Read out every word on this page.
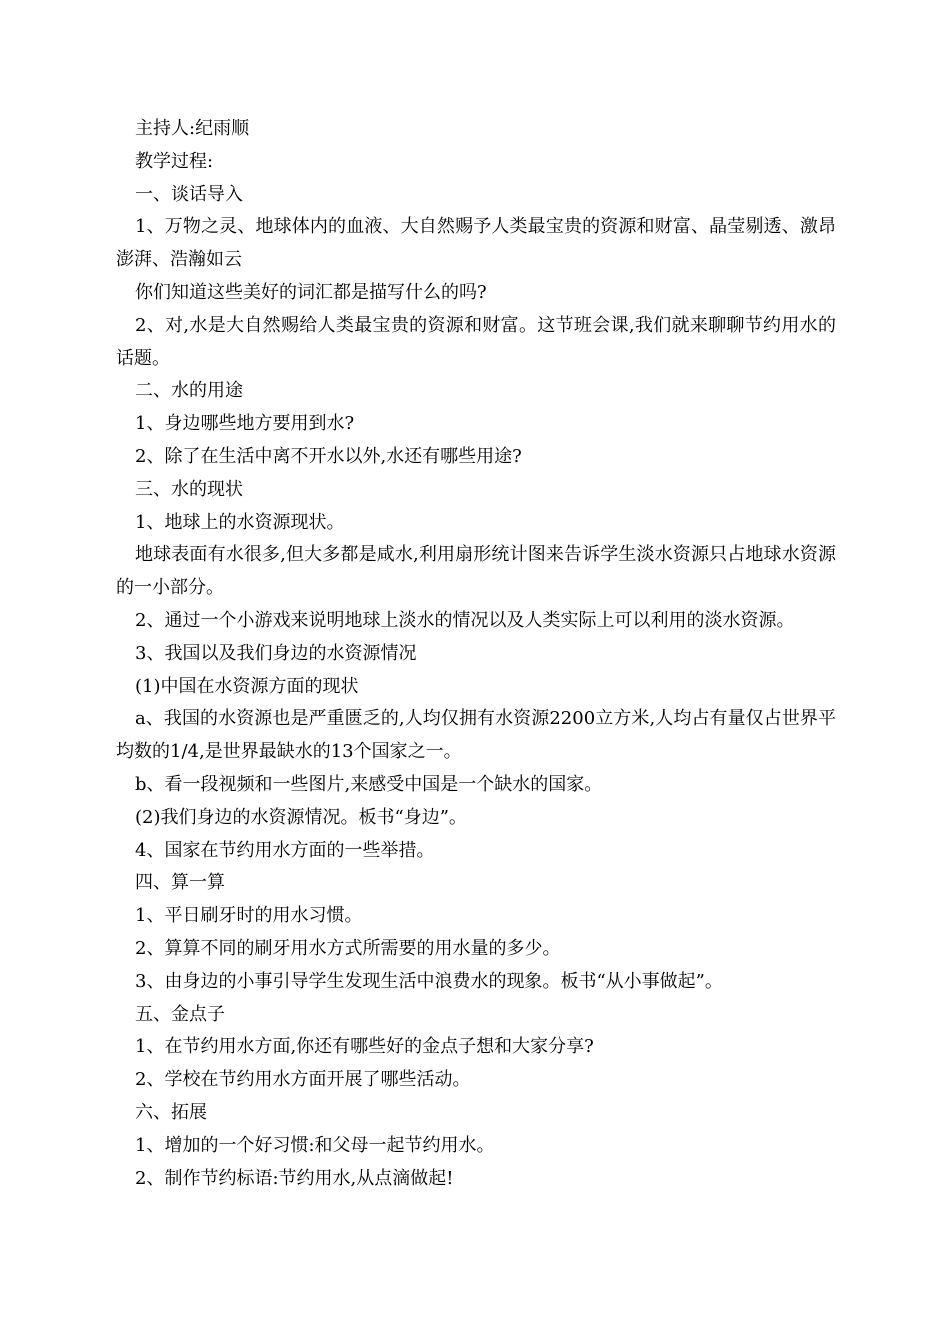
主持人:纪雨顺

教学过程:

一、谈话导入

1、万物之灵、地球体内的血液、大自然赐予人类最宝贵的资源和财富、晶莹剔透、激昂澎湃、浩瀚如云

你们知道这些美好的词汇都是描写什么的吗?

2、对,水是大自然赐给人类最宝贵的资源和财富。这节班会课,我们就来聊聊节约用水的话题。

二、水的用途

1、身边哪些地方要用到水?

2、除了在生活中离不开水以外,水还有哪些用途?

三、水的现状

1、地球上的水资源现状。

地球表面有水很多,但大多都是咸水,利用扇形统计图来告诉学生淡水资源只占地球水资源的一小部分。

2、通过一个小游戏来说明地球上淡水的情况以及人类实际上可以利用的淡水资源。

3、我国以及我们身边的水资源情况

(1)中国在水资源方面的现状

a、我国的水资源也是严重匮乏的,人均仅拥有水资源2200立方米,人均占有量仅占世界平均数的1/4,是世界最缺水的13个国家之一。

b、看一段视频和一些图片,来感受中国是一个缺水的国家。

(2)我们身边的水资源情况。板书“身边”。

4、国家在节约用水方面的一些举措。

四、算一算

1、平日刷牙时的用水习惯。

2、算算不同的刷牙用水方式所需要的用水量的多少。

3、由身边的小事引导学生发现生活中浪费水的现象。板书“从小事做起”。

五、金点子

1、在节约用水方面,你还有哪些好的金点子想和大家分享?

2、学校在节约用水方面开展了哪些活动。

六、拓展

1、增加的一个好习惯:和父母一起节约用水。

2、制作节约标语:节约用水,从点滴做起!
